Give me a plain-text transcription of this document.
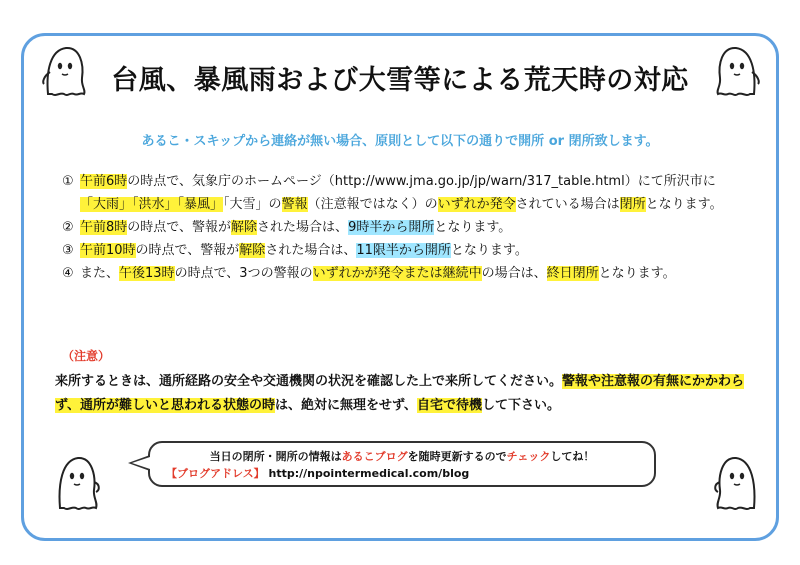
台風、暴風雨および大雪等による荒天時の対応
あるこ・スキップから連絡が無い場合、原則として以下の通りで開所 or 閉所致します。
① 午前6時の時点で、気象庁のホームページ（http://www.jma.go.jp/jp/warn/317_table.html）にて所沢市に「大雨」「洪水」「暴風」「大雪」の警報（注意報ではなく）のいずれか発令されている場合は閉所となります。
② 午前8時の時点で、警報が解除された場合は、9時半から開所となります。
③ 午前10時の時点で、警報が解除された場合は、11限半から開所となります。
④ また、午後13時の時点で、3つの警報のいずれかが発令または継続中の場合は、終日閉所となります。
（注意）
来所するときは、通所経路の安全や交通機関の状況を確認した上で来所してください。警報や注意報の有無にかかわらず、通所が難しいと思われる状態の時は、絶対に無理をせず、自宅で待機して下さい。
当日の閉所・開所の情報はあるこブログを随時更新するのでチェックしてね！
【ブログアドレス】 http://npointermedical.com/blog
